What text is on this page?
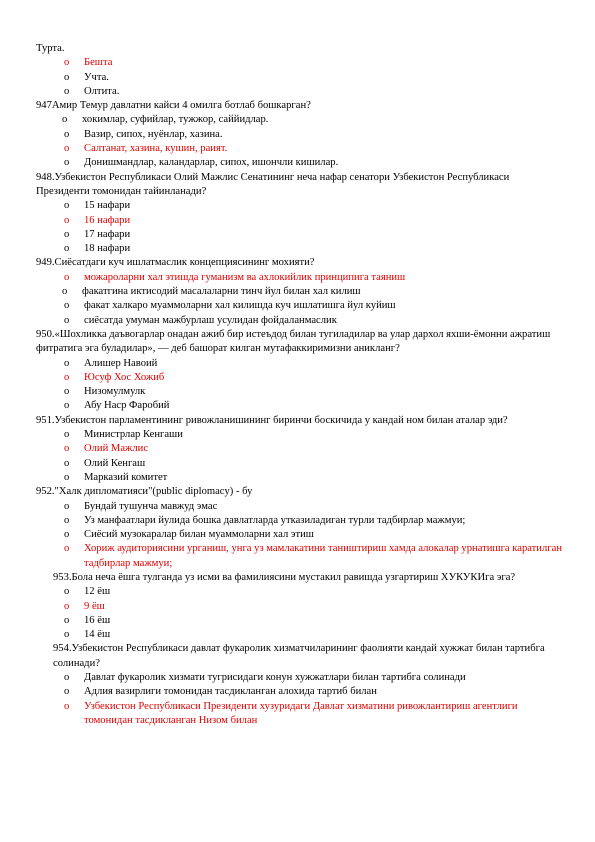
Турта.
o	Бешта
o	Учта.
o	Олтита.
947Амир Темур давлатни кайси 4 омилга ботлаб бошкарган?
o	хокимлар, суфийлар, тужжор, саййидлар.
o	Вазир, сипох, нуёнлар, хазина.
o	Салтанат, хазина, кушин, раият.
o	Донишмандлар, каландарлар, сипох, ишончли кишилар.
948.Узбекистон Республикаси Олий Мажлис Сенатининг неча нафар сенатори Узбекистон Республикаси Президенти томонидан тайинланади?
o	15 нафари
o	16 нафари
o	17 нафари
o	18 нафари
949.Сиёсатдаги куч ишлатмаслик концепциясининг мохияти?
o	можароларни хал этишда гуманизм ва ахлокийлик принципига таяниш
o	факатгина иктисодий масалаларни тинч йул билан хал килиш
o	факат халкаро муаммоларни хал килишда куч ишлатишга йул куйиш
o	сиёсатда умуман мажбурлаш усулидан фойдаланмаслик
950.«Шохликка даъвогарлар онадан ажиб бир истеъдод билан тугиладилар ва улар дархол яхши-ёмонни ажратиш фитратига эга буладилар», — деб башорат килган мутафаккиримизни аникланг?
o	Алишер Навоий
o	Юсуф Хос Хожиб
o	Низомулмулк
o	Абу Наср Фаробий
951.Узбекистон парламентининг ривожланишининг биринчи боскичида у кандай ном билан аталар эди?
o	Министрлар Кенгаши
o	Олий Мажлис
o	Олий Кенгаш
o	Марказий комитет
952."Халк дипломатияси"(public diplomacy) - бу
o	Бундай тушунча мавжуд эмас
o	Уз манфаатлари йулида бошка давлатларда утказиладиган турли тадбирлар мажмуи;
o	Сиёсий музокаралар билан муаммоларни хал этиш
o	Хориж аудиториясини урганиш, унга уз мамлакатини таништириш хамда алокалар урнатишга каратилган тадбирлар мажмуи;
953.Бола неча ёшга тулганда уз исми ва фамилиясини мустакил равишда узгартириш ХУКУКИга эга?
o	12 ёш
o	9 ёш
o	16 ёш
o	14 ёш
954.Узбекистон Республикаси давлат фукаролик хизматчиларининг фаолияти кандай хужжат билан тартибга солинади?
o	Давлат фукаролик хизмати тугрисидаги конун хужжатлари билан тартибга солинади
o	Адлия вазирлиги томонидан тасдикланган алохида тартиб билан
o	Узбекистон Республикаси Президенти хузуридаги Давлат хизматини ривожлантириш агентлиги томонидан тасдикланган Низом билан
